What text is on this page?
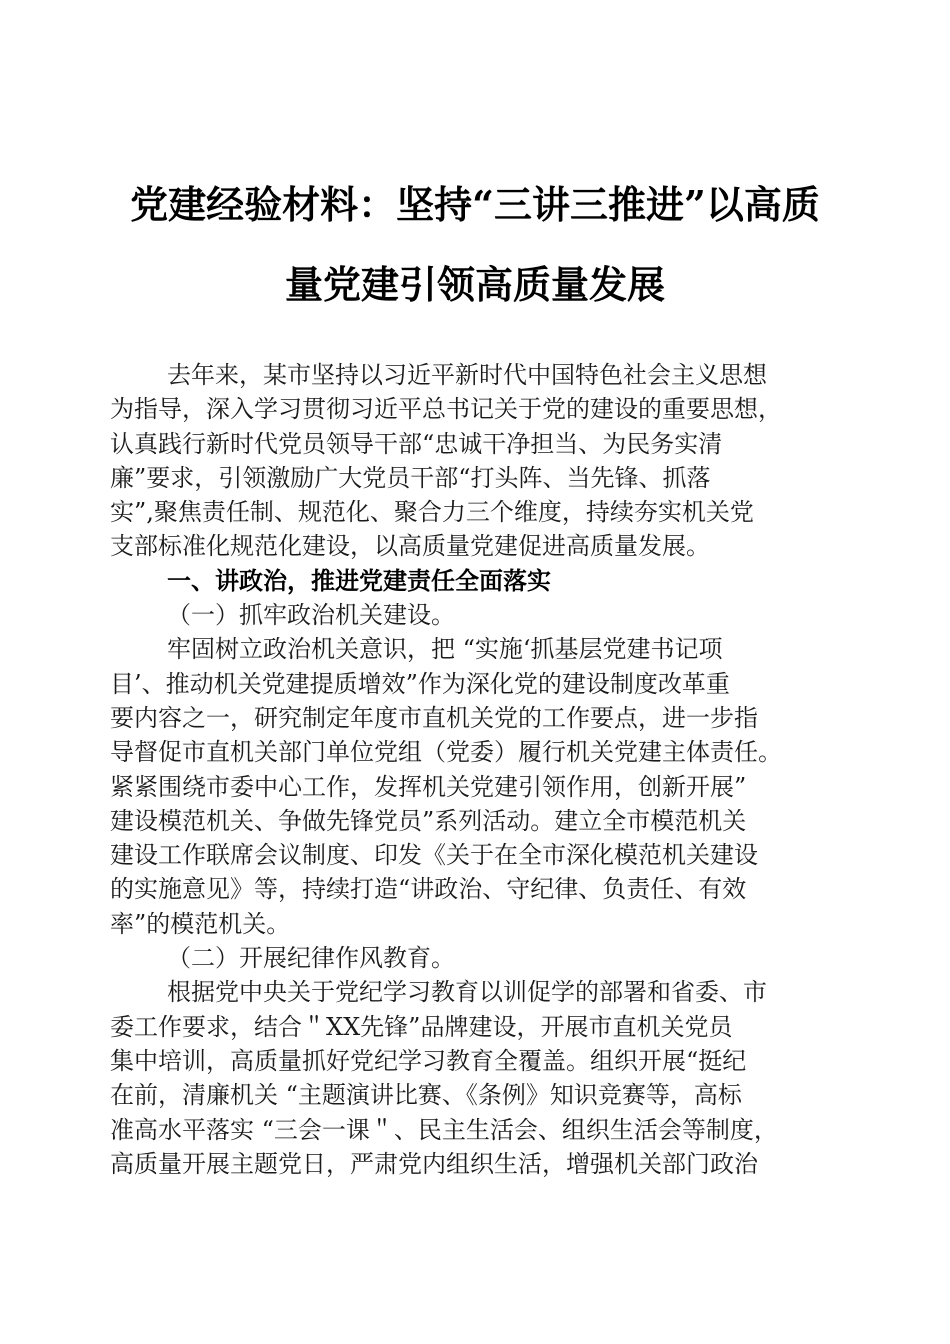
党建经验材料：坚持“三讲三推进”以高质
量党建引领高质量发展
去年来，某市坚持以习近平新时代中国特色社会主义思想
为指导，深入学习贯彻习近平总书记关于党的建设的重要思想，
认真践行新时代党员领导干部“忠诚干净担当、为民务实清
廉”要求，引领激励广大党员干部“打头阵、当先锋、抓落
实”,聚焦责任制、规范化、聚合力三个维度，持续夯实机关党
支部标准化规范化建设，以高质量党建促进高质量发展。
一、讲政治，推进党建责任全面落实
（一）抓牢政治机关建设。
牢固树立政治机关意识，把 “实施‘抓基层党建书记项
目’、推动机关党建提质增效”作为深化党的建设制度改革重
要内容之一，研究制定年度市直机关党的工作要点，进一步指
导督促市直机关部门单位党组（党委）履行机关党建主体责任。
紧紧围绕市委中心工作，发挥机关党建引领作用，创新开展”
建设模范机关、争做先锋党员”系列活动。建立全市模范机关
建设工作联席会议制度、印发《关于在全市深化模范机关建设
的实施意见》等，持续打造“讲政治、守纪律、负责任、有效
率”的模范机关。
（二）开展纪律作风教育。
根据党中央关于党纪学习教育以训促学的部署和省委、市
委工作要求，结合＂XX先锋”品牌建设，开展市直机关党员
集中培训，高质量抓好党纪学习教育全覆盖。组织开展“挺纪
在前，清廉机关 “主题演讲比赛、《条例》知识竞赛等，高标
准高水平落实 “三会一课＂、民主生活会、组织生活会等制度，
高质量开展主题党日，严肃党内组织生活，增强机关部门政治
